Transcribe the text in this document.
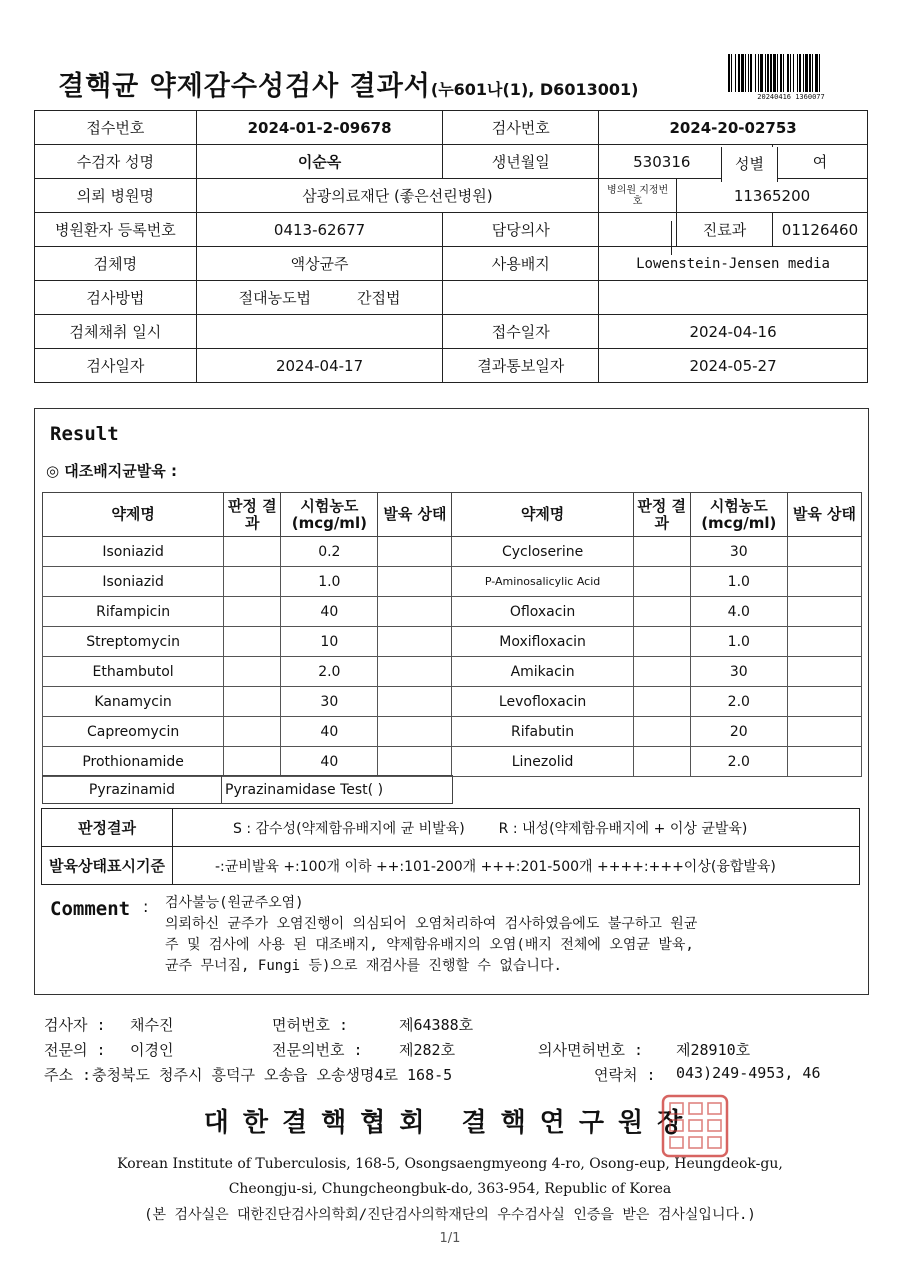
결핵균 약제감수성검사 결과서(누601나(1), D6013001)	20240416 1360077
접수번호	2024-01-2-09678	검사번호	2024-20-02753		
수검자 성명	이순옥	생년월일	530316		여
의뢰 병원명	삼광의료재단 (좋은선린병원)		병의원 지정번호	11365200	
병원환자 등록번호	0413-62677	담당의사		진료과	01126460
검체명	액상균주	사용배지	Lowenstein-Jensen media		
검사방법	절대농도법 간접법				
검체채취 일시		접수일자	2024-04-16		
검사일자	2024-04-17	결과통보일자	2024-05-27		
성별
Result
◎ 대조배지균발육 :
약제명	판정 결과	시험농도 (mcg/ml)	발육 상태	약제명	판정 결과	시험농도 (mcg/ml)	발육 상태
Isoniazid		0.2		Cycloserine		30	
Isoniazid		1.0		P-Aminosalicylic Acid		1.0	
Rifampicin		40		Ofloxacin		4.0	
Streptomycin		10		Moxifloxacin		1.0	
Ethambutol		2.0		Amikacin		30	
Kanamycin		30		Levofloxacin		2.0	
Capreomycin		40		Rifabutin		20	
Prothionamide		40		Linezolid		2.0	
Pyrazinamid	Pyrazinamidase Test( )
판정결과	S : 감수성(약제함유배지에 균 비발육) R : 내성(약제함유배지에 + 이상 균발육)
발육상태표시기준	-:균비발육 +:100개 이하 ++:101-200개 +++:201-500개 ++++:+++이상(융합발육)
Comment : 검사불능(원균주오염)
의뢰하신 균주가 오염진행이 의심되어 오염처리하여 검사하였음에도 불구하고 원균
주 및 검사에 사용 된 대조배지, 약제함유배지의 오염(배지 전체에 오염균 발육,
균주 무너짐, Fungi 등)으로 재검사를 진행할 수 없습니다.
검사자 : 채수진	면허번호 :	제64388호
전문의 : 이경인	전문의번호 : 제282호	의사면허번호 : 제28910호
주소 : 충청북도 청주시 흥덕구 오송읍 오송생명4로 168-5	연락처 : 043)249-4953, 46
대한결핵협회 결핵연구원장
Korean Institute of Tuberculosis, 168-5, Osongsaengmyeong 4-ro, Osong-eup, Heungdeok-gu,
Cheongju-si, Chungcheongbuk-do, 363-954, Republic of Korea
(본 검사실은 대한진단검사의학회/진단검사의학재단의 우수검사실 인증을 받은 검사실입니다.)
1/1
